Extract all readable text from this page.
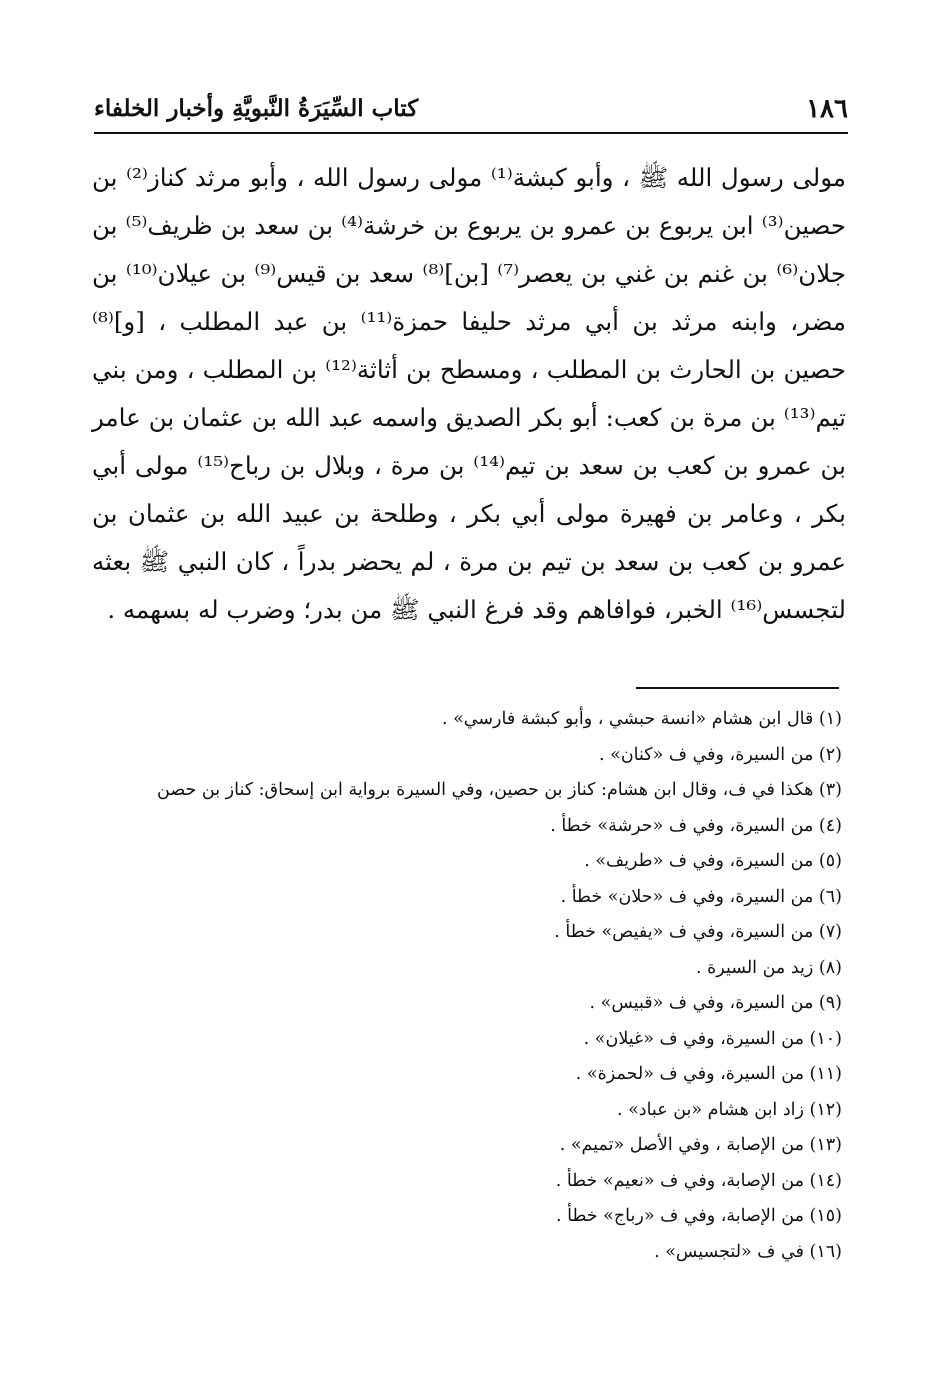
١٨٦
كتاب السِّيَرَةُ النَّبويَّةِ وأخبار الخلفاء

مولى رسول الله ﷺ ، وأبو كبشة⁽¹⁾ مولى رسول الله ، وأبو مرثد كناز⁽²⁾ بن حصين⁽³⁾ ابن يربوع بن عمرو بن يربوع بن خرشة⁽⁴⁾ بن سعد بن ظريف⁽⁵⁾ بن جلان⁽⁶⁾ بن غنم بن غني بن يعصر⁽⁷⁾ [بن]⁽⁸⁾ سعد بن قيس⁽⁹⁾ بن عيلان⁽¹⁰⁾ بن مضر، وابنه مرثد بن أبي مرثد حليفا حمزة⁽¹¹⁾ بن عبد المطلب ، [و]⁽⁸⁾ حصين بن الحارث بن المطلب ، ومسطح بن أثاثة⁽¹²⁾ بن المطلب ، ومن بني تيم⁽¹³⁾ بن مرة بن كعب: أبو بكر الصديق واسمه عبد الله بن عثمان بن عامر بن عمرو بن كعب بن سعد بن تيم⁽¹⁴⁾ بن مرة ، وبلال بن رباح⁽¹⁵⁾ مولى أبي بكر ، وعامر بن فهيرة مولى أبي بكر ، وطلحة بن عبيد الله بن عثمان بن عمرو بن كعب بن سعد بن تيم بن مرة ، لم يحضر بدراً ، كان النبي ﷺ بعثه لتجسس⁽¹⁶⁾ الخبر، فوافاهم وقد فرغ النبي ﷺ من بدر؛ وضرب له بسهمه .

(١) قال ابن هشام «انسة حبشي ، وأبو كبشة فارسي» .
(٢) من السيرة، وفي ف «كنان» .
(٣) هكذا في ف، وقال ابن هشام: كناز بن حصين، وفي السيرة برواية ابن إسحاق: كناز بن حصن
(٤) من السيرة، وفي ف «حرشة» خطأ .
(٥) من السيرة، وفي ف «طريف» .
(٦) من السيرة، وفي ف «حلان» خطأ .
(٧) من السيرة، وفي ف «يفيص» خطأ .
(٨) زيد من السيرة .
(٩) من السيرة، وفي ف «قبيس» .
(١٠) من السيرة، وفي ف «غيلان» .
(١١) من السيرة، وفي ف «لحمزة» .
(١٢) زاد ابن هشام «بن عباد» .
(١٣) من الإصابة ، وفي الأصل «تميم» .
(١٤) من الإصابة، وفي ف «نعيم» خطأ .
(١٥) من الإصابة، وفي ف «رباج» خطأ .
(١٦) في ف «لتجسيس» .
